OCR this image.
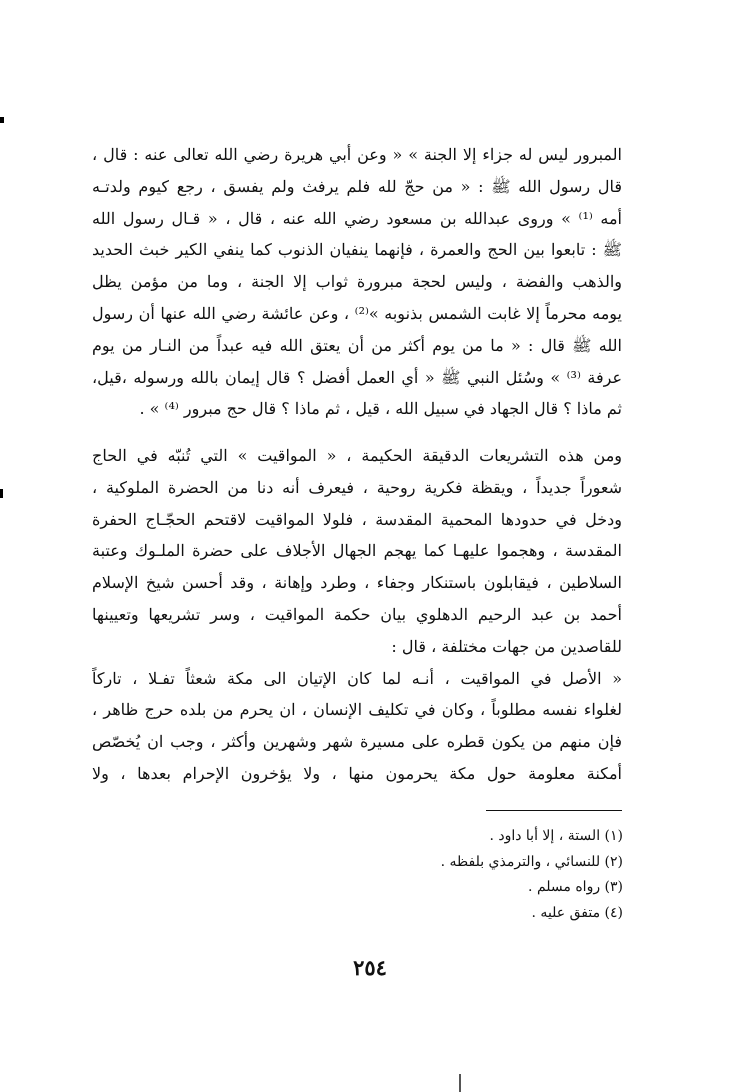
المبرور ليس له جزاء إلا الجنة » « وعن أبي هريرة رضي الله تعالى عنه : قال ،
قال رسول الله ﷺ : « من حجّ لله فلم يرفث ولم يفسق ، رجع كيوم ولدتـه
أمه ⁽¹⁾ » وروى عبدالله بن مسعود رضي الله عنه ، قال ، « قـال رسول الله
ﷺ : تابعوا بين الحج والعمرة ، فإنهما ينفيان الذنوب كما ينفي الكير خبث الحديد
والذهب والفضة ، وليس لحجة مبرورة ثواب إلا الجنة ، وما من مؤمن يظل
يومه محرماً إلا غابت الشمس بذنوبه »⁽²⁾ ، وعن عائشة رضي الله عنها أن رسول
الله ﷺ قال : « ما من يوم أكثر من أن يعتق الله فيه عبداً من النـار من يوم
عرفة ⁽³⁾ » وسُئل النبي ﷺ « أي العمل أفضل ؟ قال إيمان بالله ورسوله ،قيل،
ثم ماذا ؟ قال الجهاد في سبيل الله ، قيل ، ثم ماذا ؟ قال حج مبرور ⁽⁴⁾ » .
ومن هذه التشريعات الدقيقة الحكيمة ، « المواقيت » التي تُنبّه في الحاج
شعوراً جديداً ، ويقظة فكرية روحية ، فيعرف أنه دنا من الحضرة الملوكية ،
ودخل في حدودها المحمية المقدسة ، فلولا المواقيت لاقتحم الحجّـاج الحفرة
المقدسة ، وهجموا عليهـا كما يهجم الجهال الأجلاف على حضرة الملـوك وعتبة
السلاطين ، فيقابلون باستنكار وجفاء ، وطرد وإهانة ، وقد أحسن شيخ الإسلام
أحمد بن عبد الرحيم الدهلوي بيان حكمة المواقيت ، وسر تشريعها وتعيينها
للقاصدين من جهات مختلفة ، قال :
« الأصل في المواقيت ، أنـه لما كان الإتيان الى مكة شعثاً تفـلا ، تاركاً
لغلواء نفسه مطلوباً ، وكان في تكليف الإنسان ، ان يحرم من بلده حرج ظاهر ،
فإن منهم من يكون قطره على مسيرة شهر وشهرين وأكثر ، وجب ان يُخصّص
أمكنة معلومة حول مكة يحرمون منها ، ولا يؤخرون الإحرام بعدها ، ولا
(١) الستة ، إلا أبا داود .
(٢) للنسائي ، والترمذي بلفظه .
(٣) رواه مسلم .
(٤) متفق عليه .
٢٥٤
